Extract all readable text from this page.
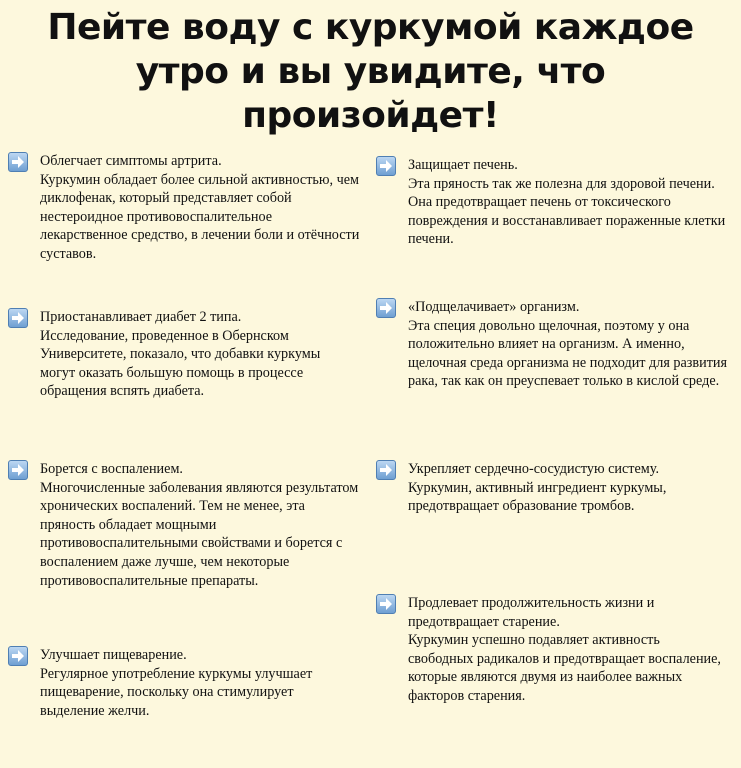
Пейте воду с куркумой каждое утро и вы увидите, что произойдет!
Облегчает симптомы артрита.
Куркумин обладает более сильной активностью, чем диклофенак, который представляет собой нестероидное противовоспалительное лекарственное средство, в лечении боли и отёчности суставов.
Приостанавливает диабет 2 типа.
Исследование, проведенное в Обернском Университете, показало, что добавки куркумы могут оказать большую помощь в процессе обращения вспять диабета.
Борется с воспалением.
Многочисленные заболевания являются результатом хронических воспалений. Тем не менее, эта пряность обладает мощными противовоспалительными свойствами и борется с воспалением даже лучше, чем некоторые противовоспалительные препараты.
Улучшает пищеварение.
Регулярное употребление куркумы улучшает пищеварение, поскольку она стимулирует выделение желчи.
Защищает печень.
Эта пряность так же полезна для здоровой печени. Она предотвращает печень от токсического повреждения и восстанавливает пораженные клетки печени.
«Подщелачивает» организм.
Эта специя довольно щелочная, поэтому у она положительно влияет на организм. А именно, щелочная среда организма не подходит для развития рака, так как он преуспевает только в кислой среде.
Укрепляет сердечно-сосудистую систему.
Куркумин, активный ингредиент куркумы, предотвращает образование тромбов.
Продлевает продолжительность жизни и предотвращает старение.
Куркумин успешно подавляет активность свободных радикалов и предотвращает воспаление, которые являются двумя из наиболее важных факторов старения.
